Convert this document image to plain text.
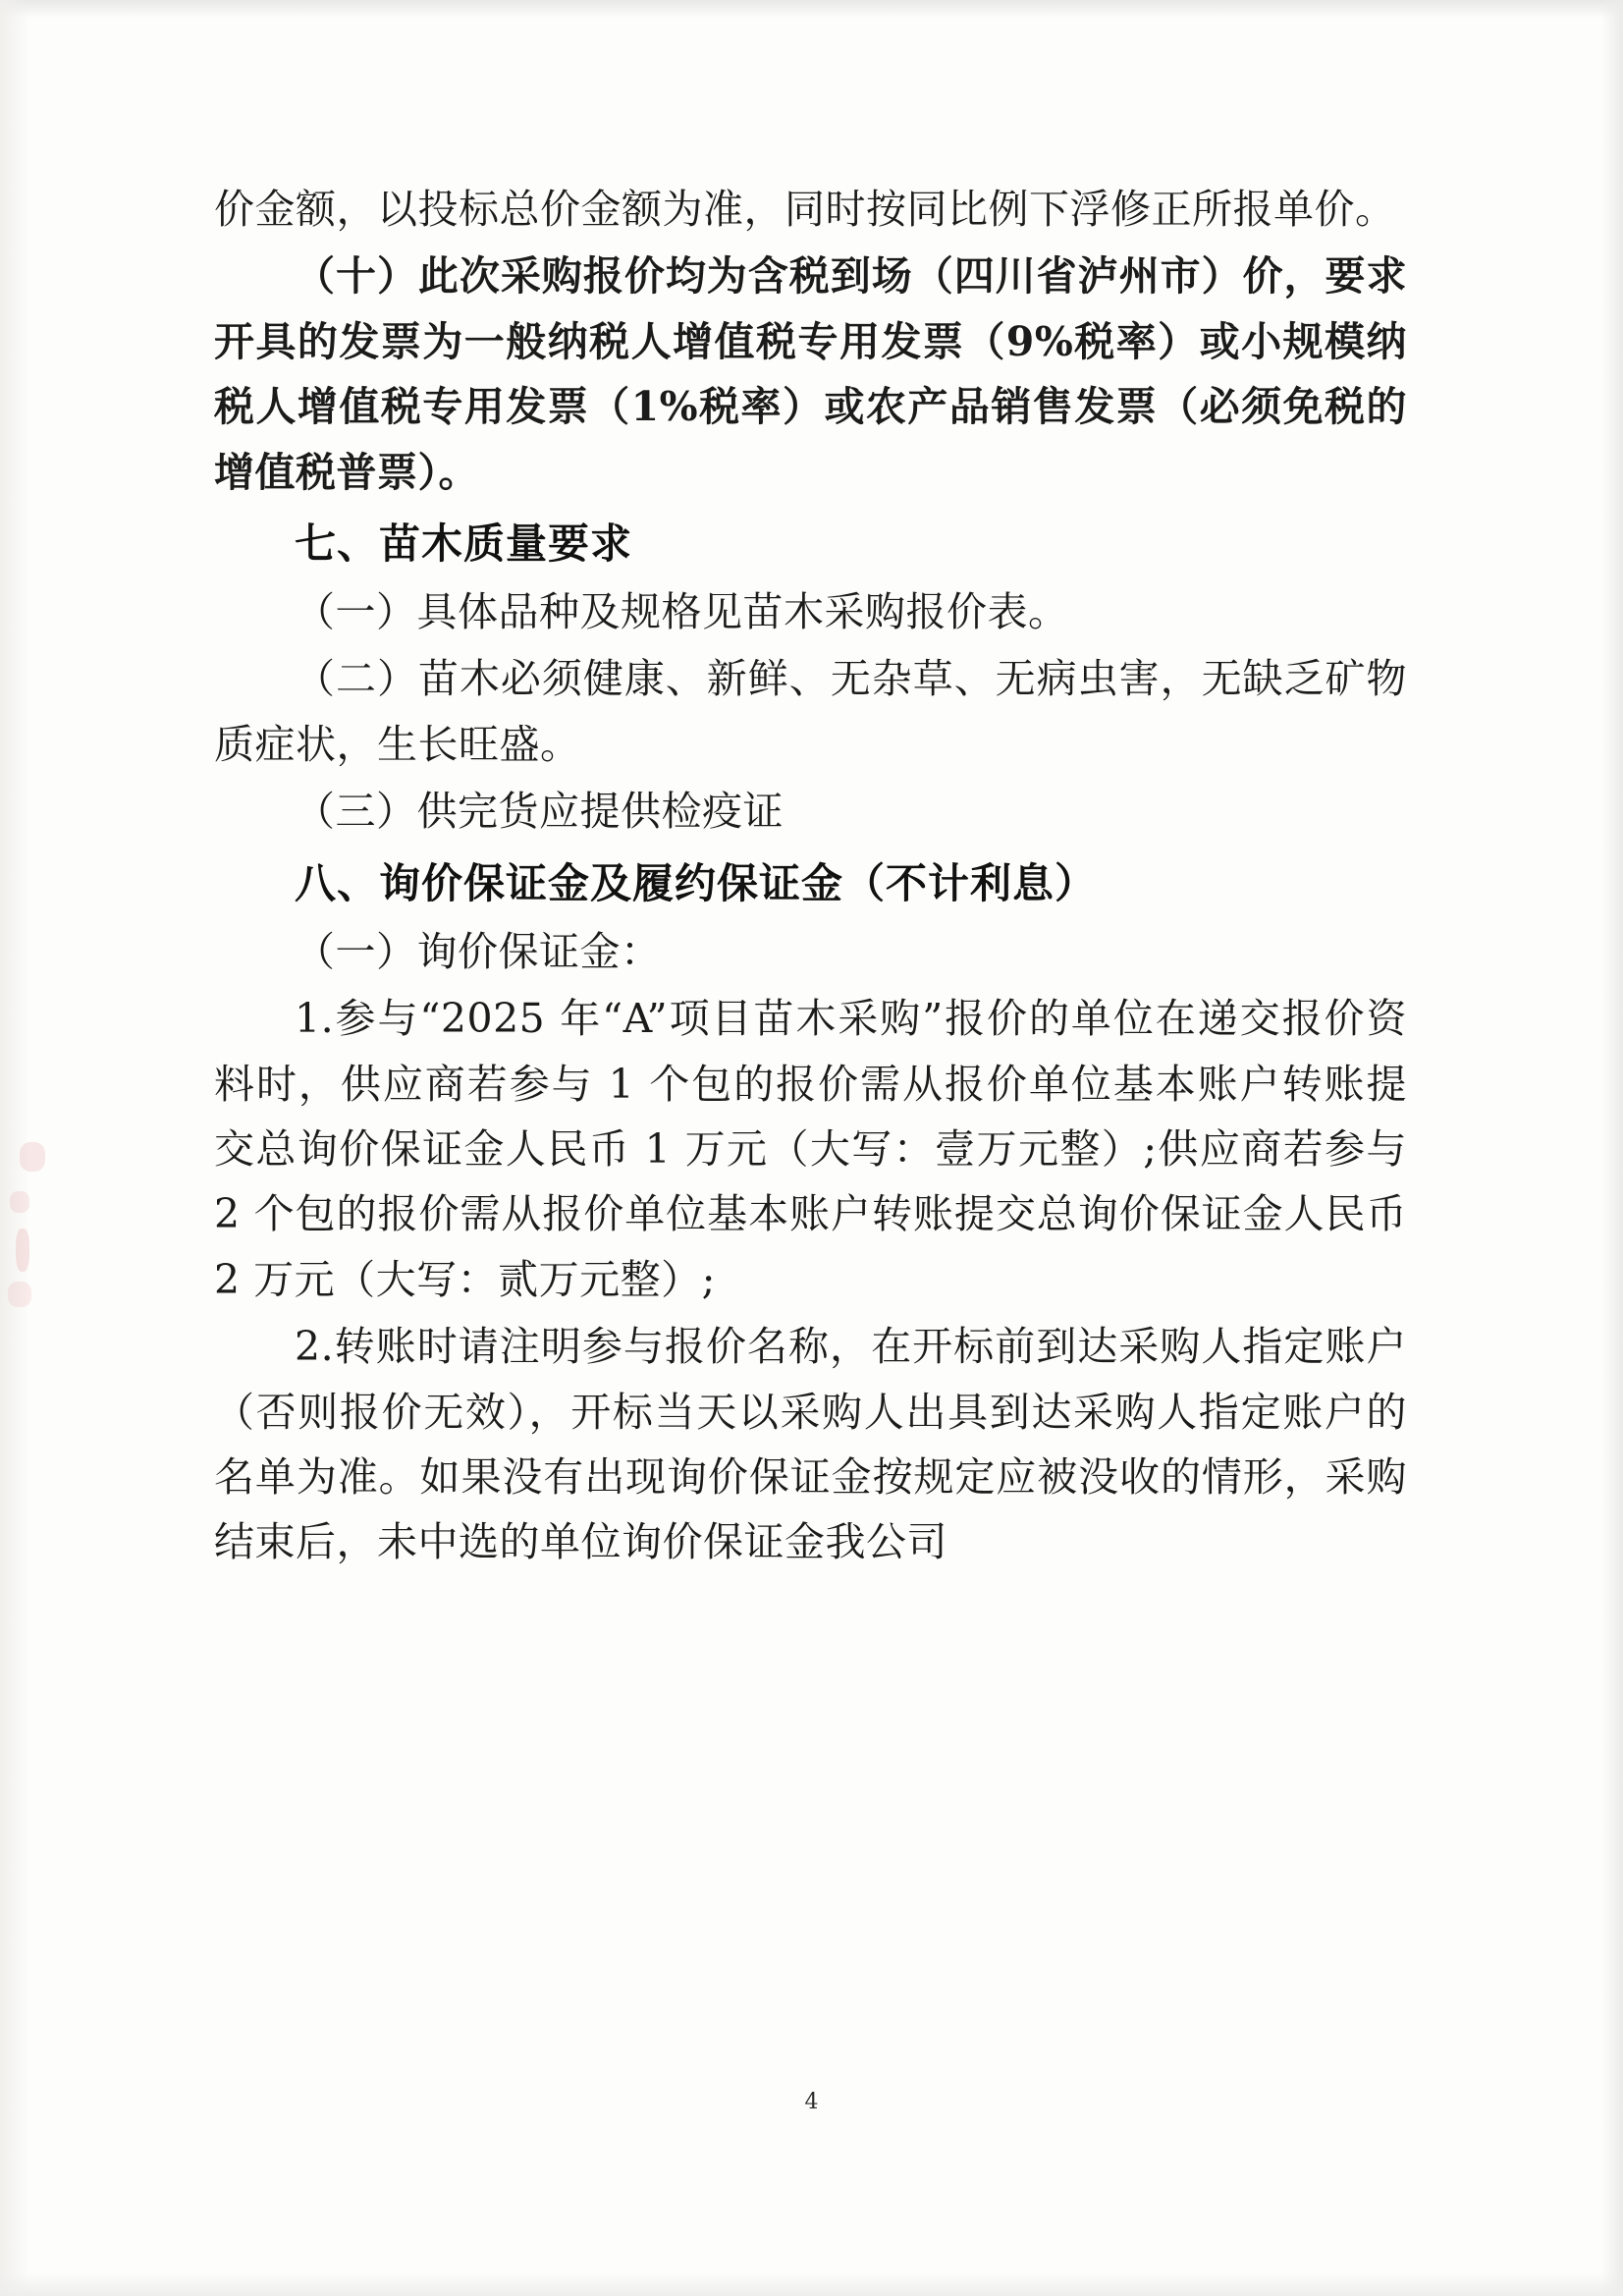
价金额，以投标总价金额为准，同时按同比例下浮修正所报单价。

（十）此次采购报价均为含税到场（四川省泸州市）价，要求开具的发票为一般纳税人增值税专用发票（9%税率）或小规模纳税人增值税专用发票（1%税率）或农产品销售发票（必须免税的增值税普票）。

七、苗木质量要求

（一）具体品种及规格见苗木采购报价表。

（二）苗木必须健康、新鲜、无杂草、无病虫害，无缺乏矿物质症状，生长旺盛。

（三）供完货应提供检疫证

八、询价保证金及履约保证金（不计利息）

（一）询价保证金：

1.参与“2025 年“A”项目苗木采购”报价的单位在递交报价资料时，供应商若参与 1 个包的报价需从报价单位基本账户转账提交总询价保证金人民币 1 万元（大写：壹万元整）;供应商若参与 2 个包的报价需从报价单位基本账户转账提交总询价保证金人民币 2 万元（大写：贰万元整）;

2.转账时请注明参与报价名称，在开标前到达采购人指定账户（否则报价无效），开标当天以采购人出具到达采购人指定账户的名单为准。如果没有出现询价保证金按规定应被没收的情形，采购结束后，未中选的单位询价保证金我公司

4
